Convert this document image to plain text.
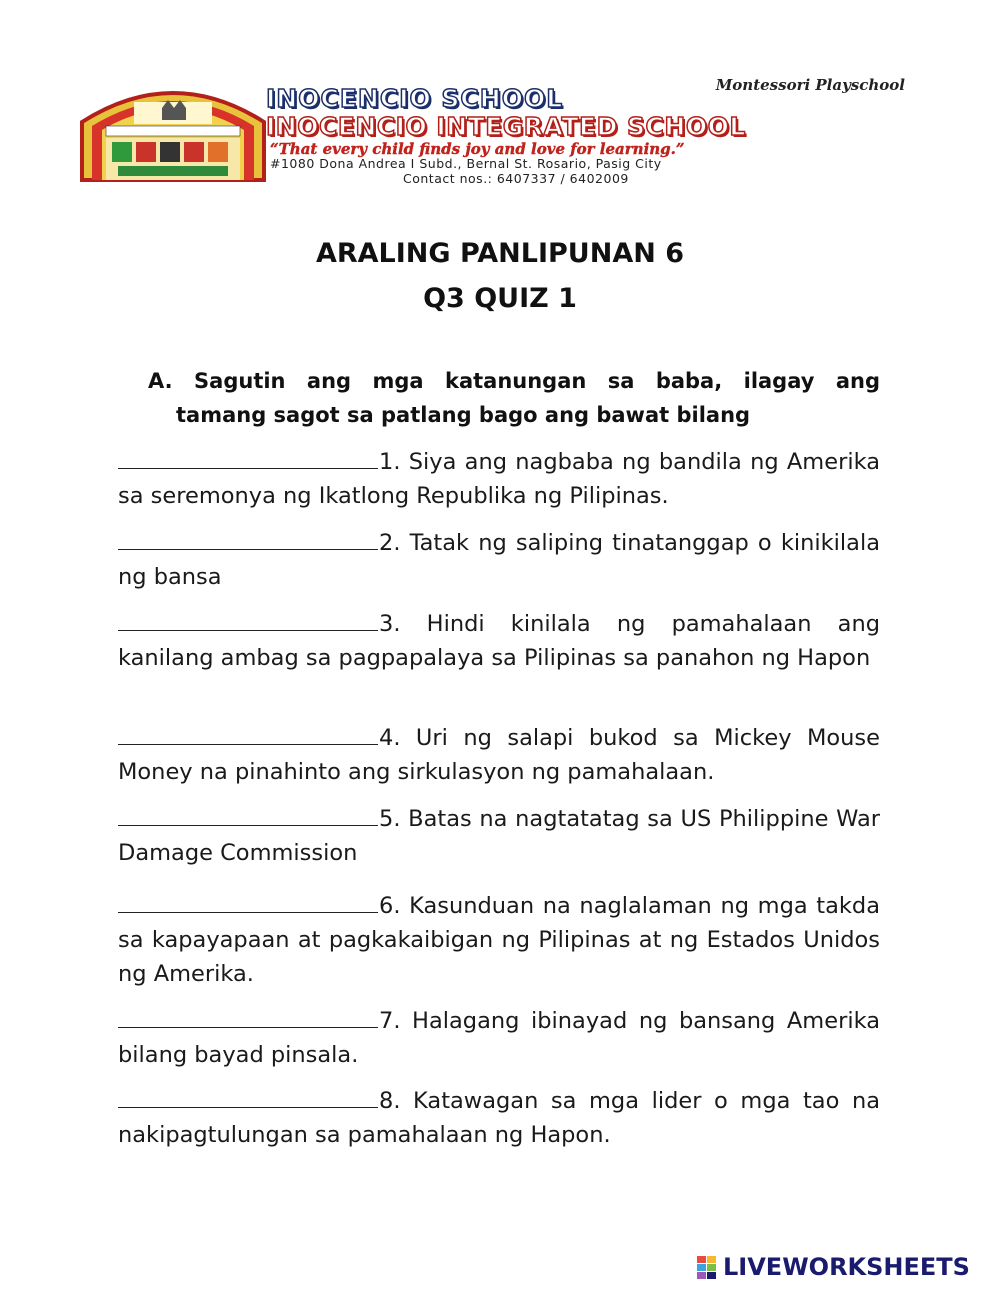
INOCENCIO SCHOOL	Montessori Playschool
INOCENCIO INTEGRATED SCHOOL
“That every child finds joy and love for learning.”
#1080 Dona Andrea I Subd., Bernal St. Rosario, Pasig City
Contact nos.: 6407337 / 6402009
ARALING PANLIPUNAN 6
Q3 QUIZ 1
A. Sagutin ang mga katanungan sa baba, ilagay ang
tamang sagot sa patlang bago ang bawat bilang
1. Siya ang nagbaba ng bandila ng Amerika sa seremonya ng Ikatlong Republika ng Pilipinas.
2. Tatak ng saliping tinatanggap o kinikilala ng bansa
3. Hindi kinilala ng pamahalaan ang kanilang ambag sa pagpapalaya sa Pilipinas sa panahon ng Hapon
4. Uri ng salapi bukod sa Mickey Mouse Money na pinahinto ang sirkulasyon ng pamahalaan.
5. Batas na nagtatatag sa US Philippine War Damage Commission
6. Kasunduan na naglalaman ng mga takda sa kapayapaan at pagkakaibigan ng Pilipinas at ng Estados Unidos ng Amerika.
7. Halagang ibinayad ng bansang Amerika bilang bayad pinsala.
8. Katawagan sa mga lider o mga tao na nakipagtulungan sa pamahalaan ng Hapon.
LIVEWORKSHEETS
